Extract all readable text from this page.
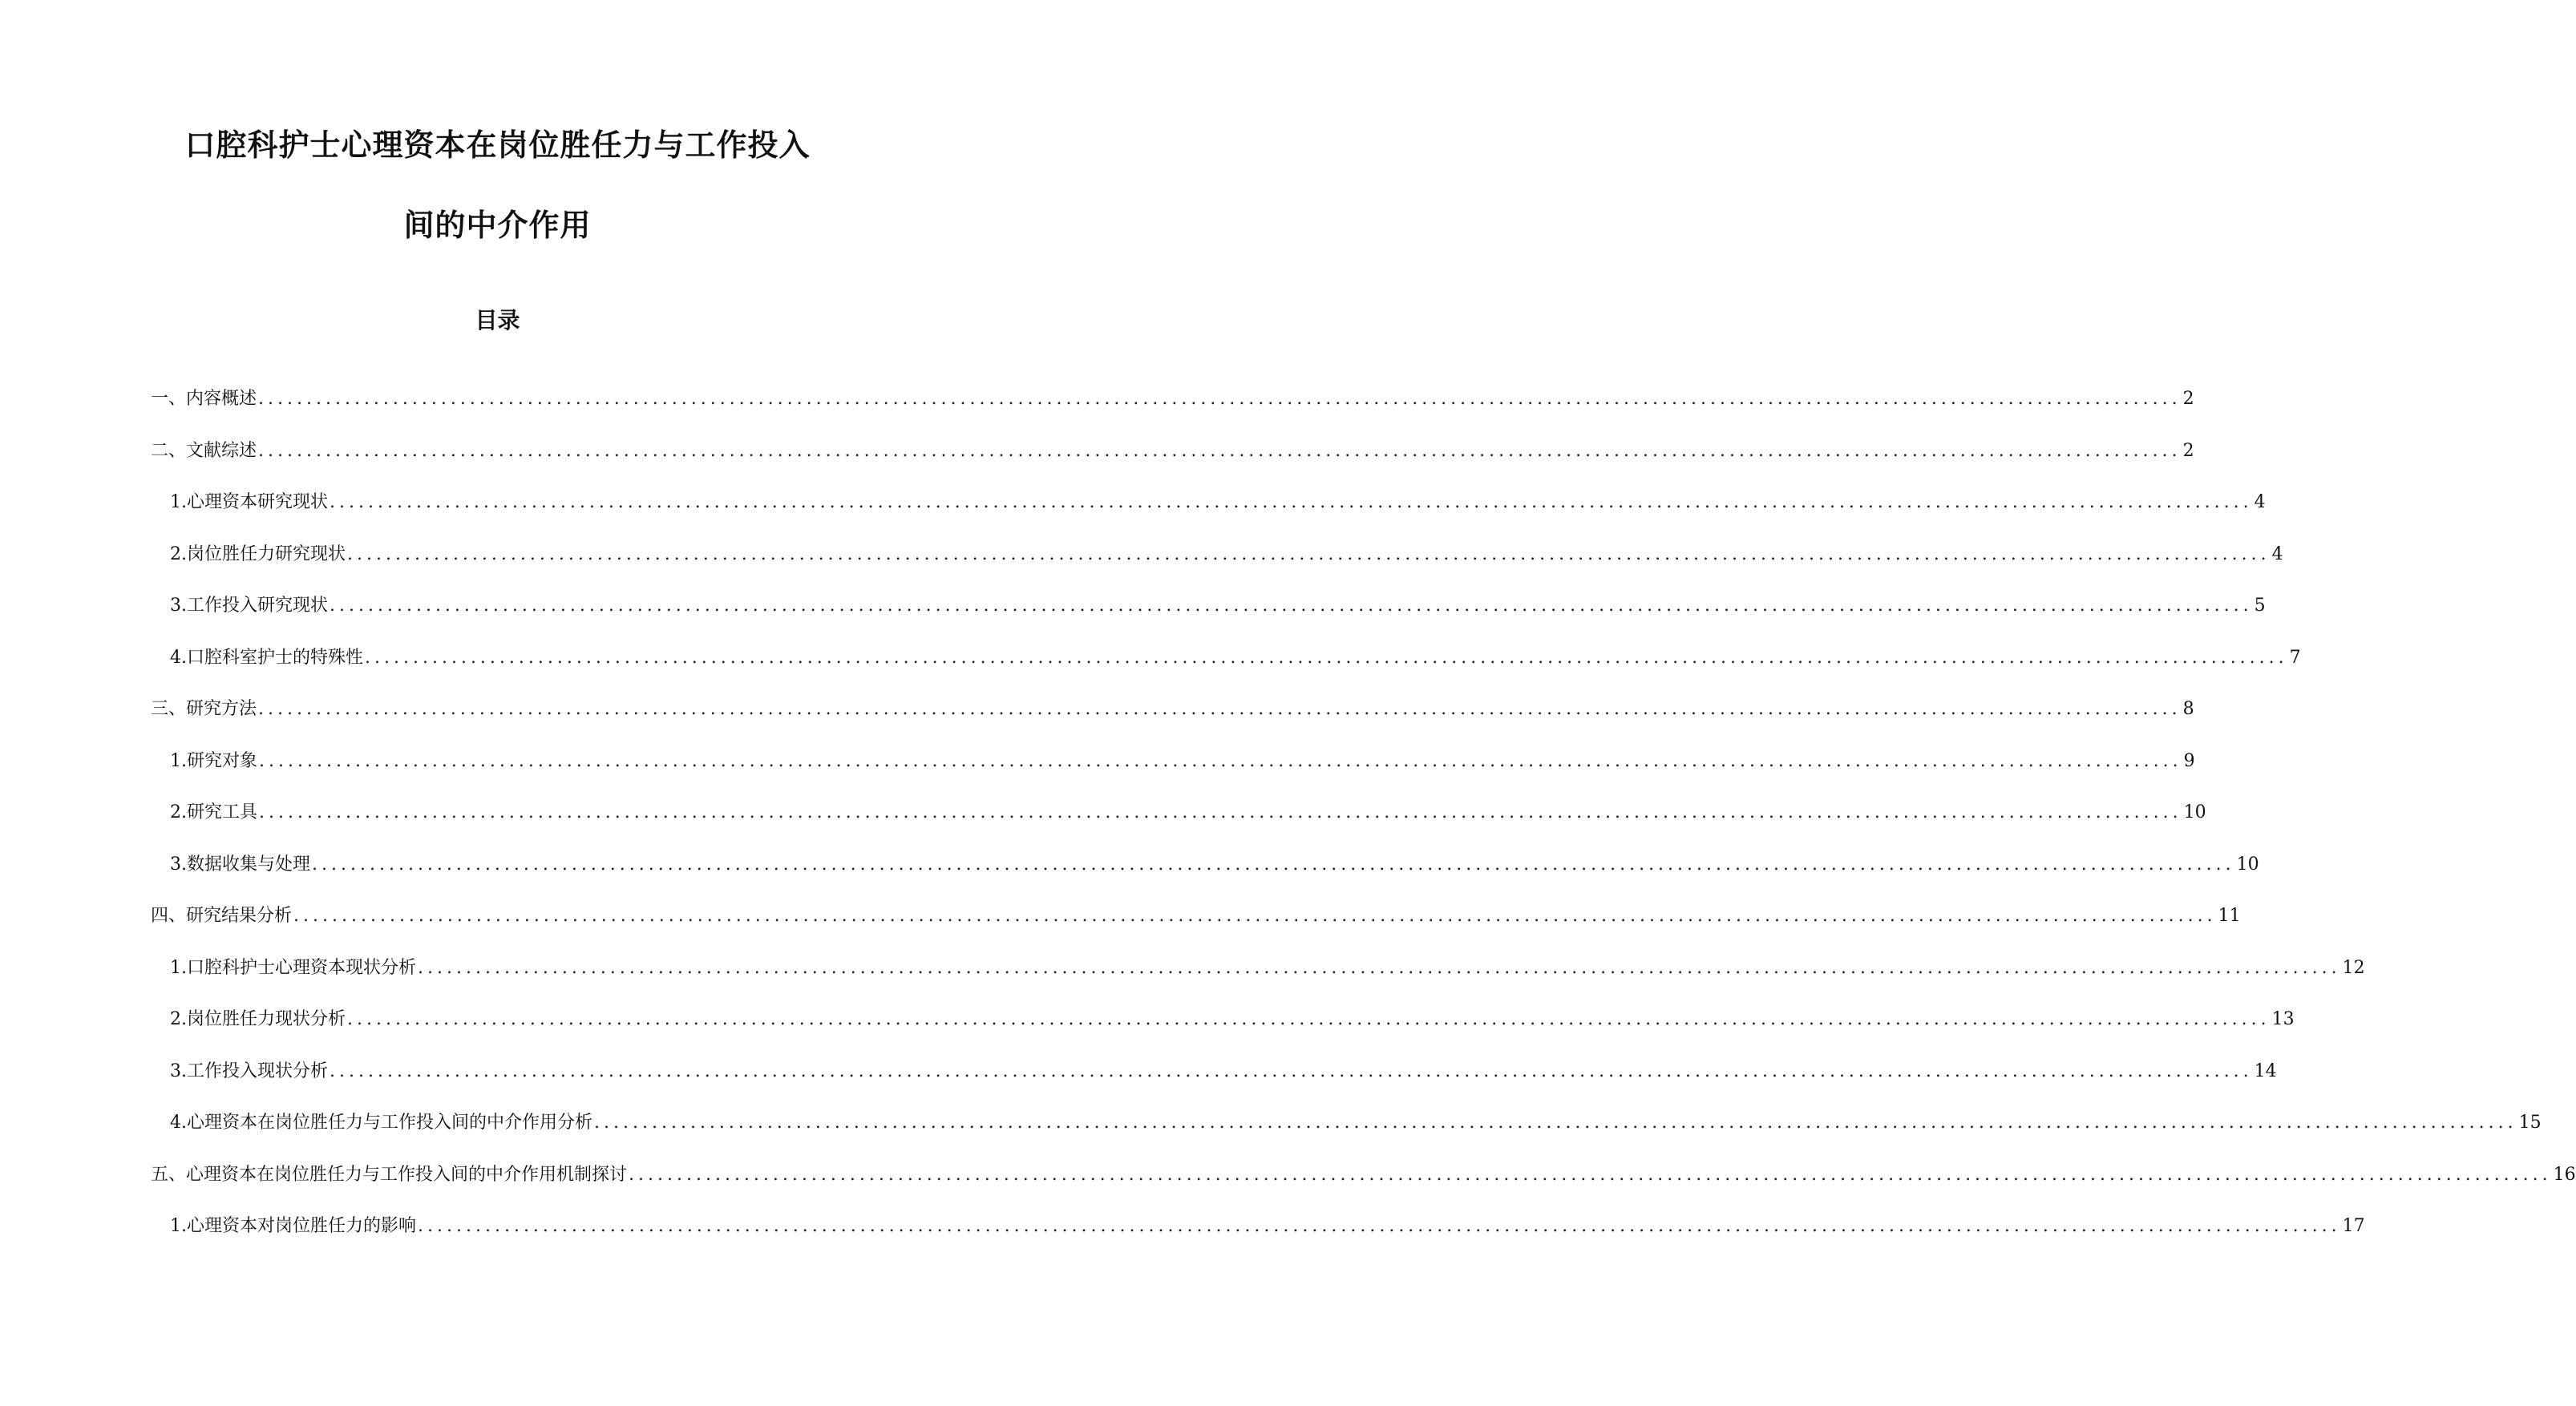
口腔科护士心理资本在岗位胜任力与工作投入
间的中介作用
目录
一、内容概述 ........................................................................................................................................................................................................ 2
二、文献综述 ........................................................................................................................................................................................................ 2
1. 心理资本研究现状 ........................................................................................................................................................................................................ 4
2. 岗位胜任力研究现状 ........................................................................................................................................................................................................ 4
3. 工作投入研究现状 ........................................................................................................................................................................................................ 5
4. 口腔科室护士的特殊性 ........................................................................................................................................................................................................ 7
三、研究方法 ........................................................................................................................................................................................................ 8
1. 研究对象 ........................................................................................................................................................................................................ 9
2. 研究工具 ........................................................................................................................................................................................................ 10
3. 数据收集与处理 ........................................................................................................................................................................................................ 10
四、研究结果分析 ........................................................................................................................................................................................................ 11
1. 口腔科护士心理资本现状分析 ........................................................................................................................................................................................................ 12
2. 岗位胜任力现状分析 ........................................................................................................................................................................................................ 13
3. 工作投入现状分析 ........................................................................................................................................................................................................ 14
4. 心理资本在岗位胜任力与工作投入间的中介作用分析 ........................................................................................................................................................................................................ 15
五、心理资本在岗位胜任力与工作投入间的中介作用机制探讨 ........................................................................................................................................................................................................ 16
1. 心理资本对岗位胜任力的影响 ........................................................................................................................................................................................................ 17
